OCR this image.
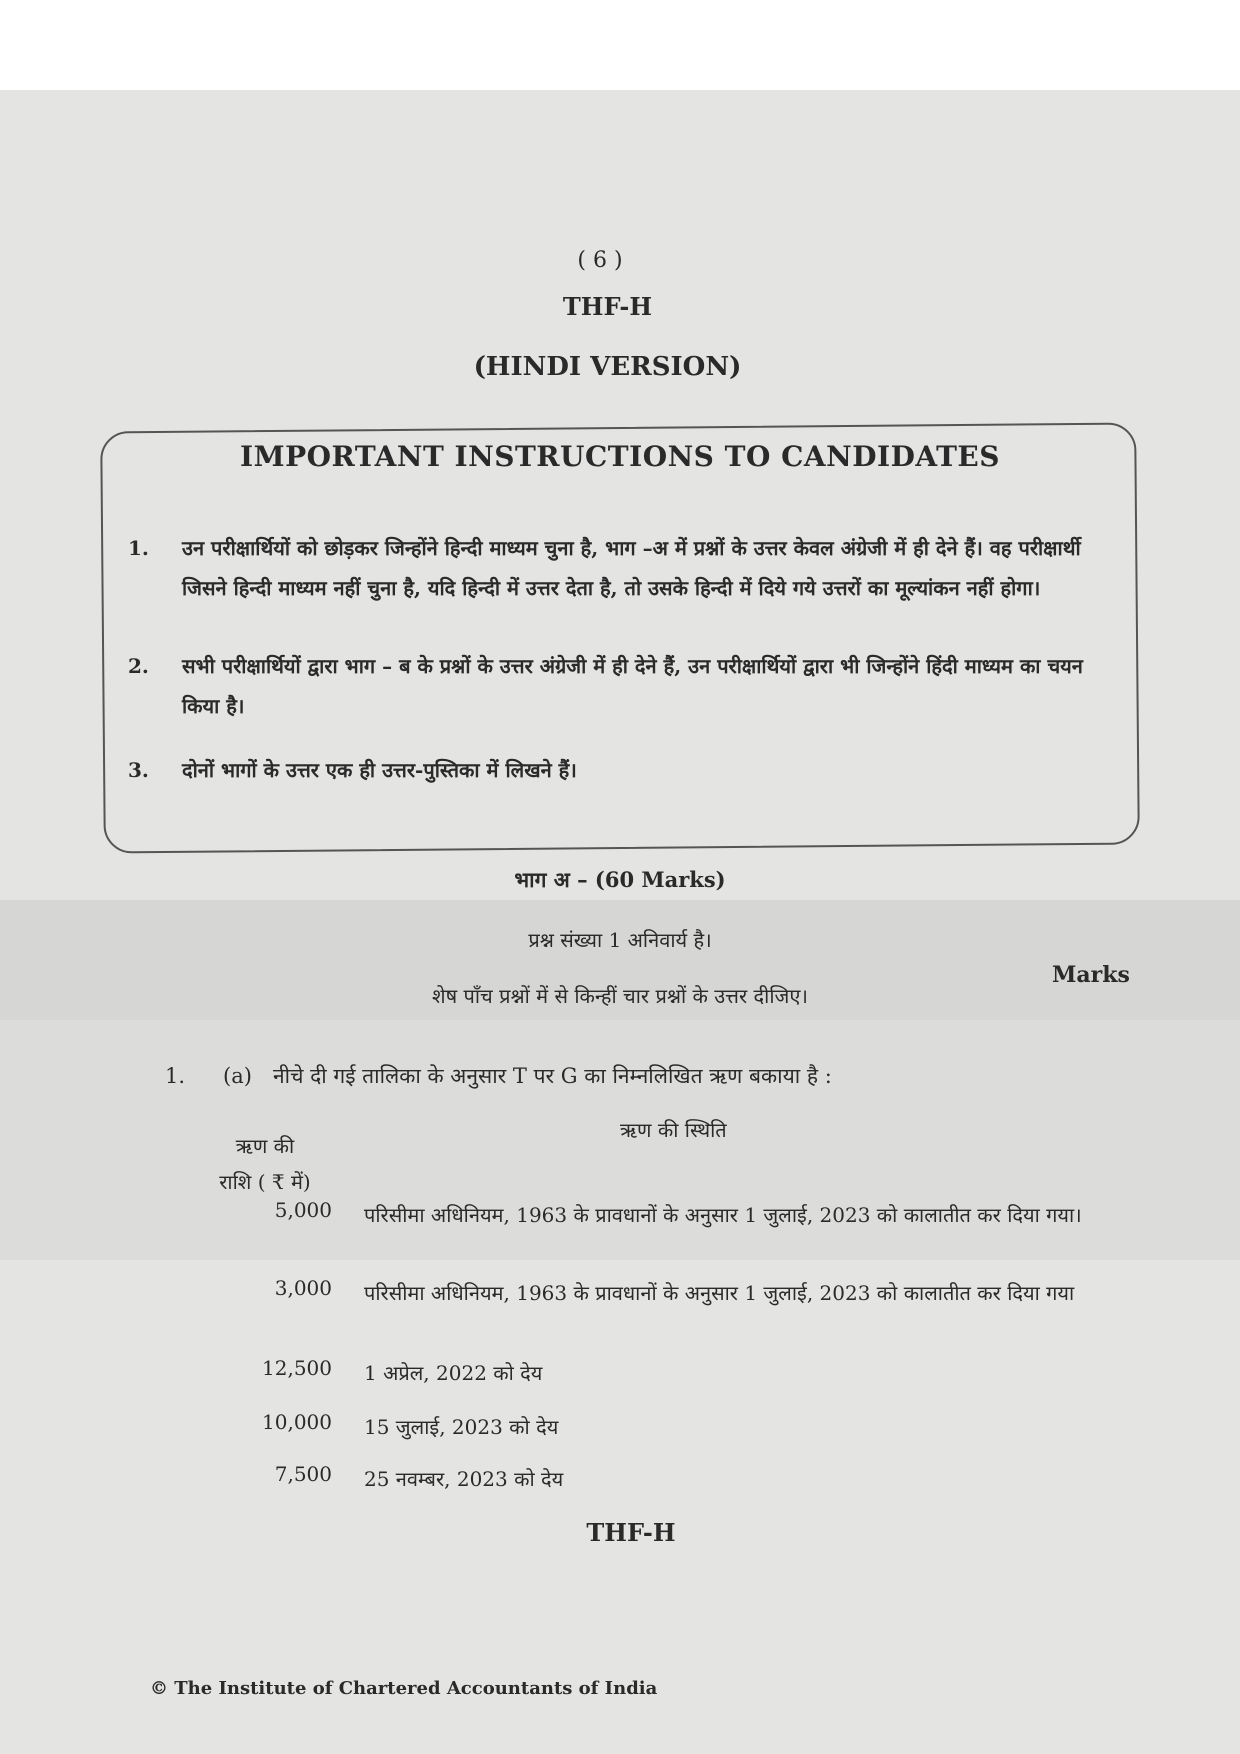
( 6 )
THF-H
(HINDI VERSION)
IMPORTANT INSTRUCTIONS TO CANDIDATES
1.	उन परीक्षार्थियों को छोड़कर जिन्होंने हिन्दी माध्यम चुना है, भाग –अ में प्रश्नों के उत्तर केवल अंग्रेजी में ही देने हैं। वह परीक्षार्थी जिसने हिन्दी माध्यम नहीं चुना है, यदि हिन्दी में उत्तर देता है, तो उसके हिन्दी में दिये गये उत्तरों का मूल्यांकन नहीं होगा।
2.	सभी परीक्षार्थियों द्वारा भाग – ब के प्रश्नों के उत्तर अंग्रेजी में ही देने हैं, उन परीक्षार्थियों द्वारा भी जिन्होंने हिंदी माध्यम का चयन किया है।
3.	दोनों भागों के उत्तर एक ही उत्तर-पुस्तिका में लिखने हैं।
भाग अ – (60 Marks)
प्रश्न संख्या 1 अनिवार्य है।
Marks
शेष पाँच प्रश्नों में से किन्हीं चार प्रश्नों के उत्तर दीजिए।
1. (a) नीचे दी गई तालिका के अनुसार T पर G का निम्नलिखित ऋण बकाया है :
ऋण की
राशि ( ₹ में)
ऋण की स्थिति
5,000 परिसीमा अधिनियम, 1963 के प्रावधानों के अनुसार 1 जुलाई, 2023 को कालातीत कर दिया गया।
3,000 परिसीमा अधिनियम, 1963 के प्रावधानों के अनुसार 1 जुलाई, 2023 को कालातीत कर दिया गया
12,500 1 अप्रेल, 2022 को देय
10,000 15 जुलाई, 2023 को देय
7,500 25 नवम्बर, 2023 को देय
THF-H
© The Institute of Chartered Accountants of India
